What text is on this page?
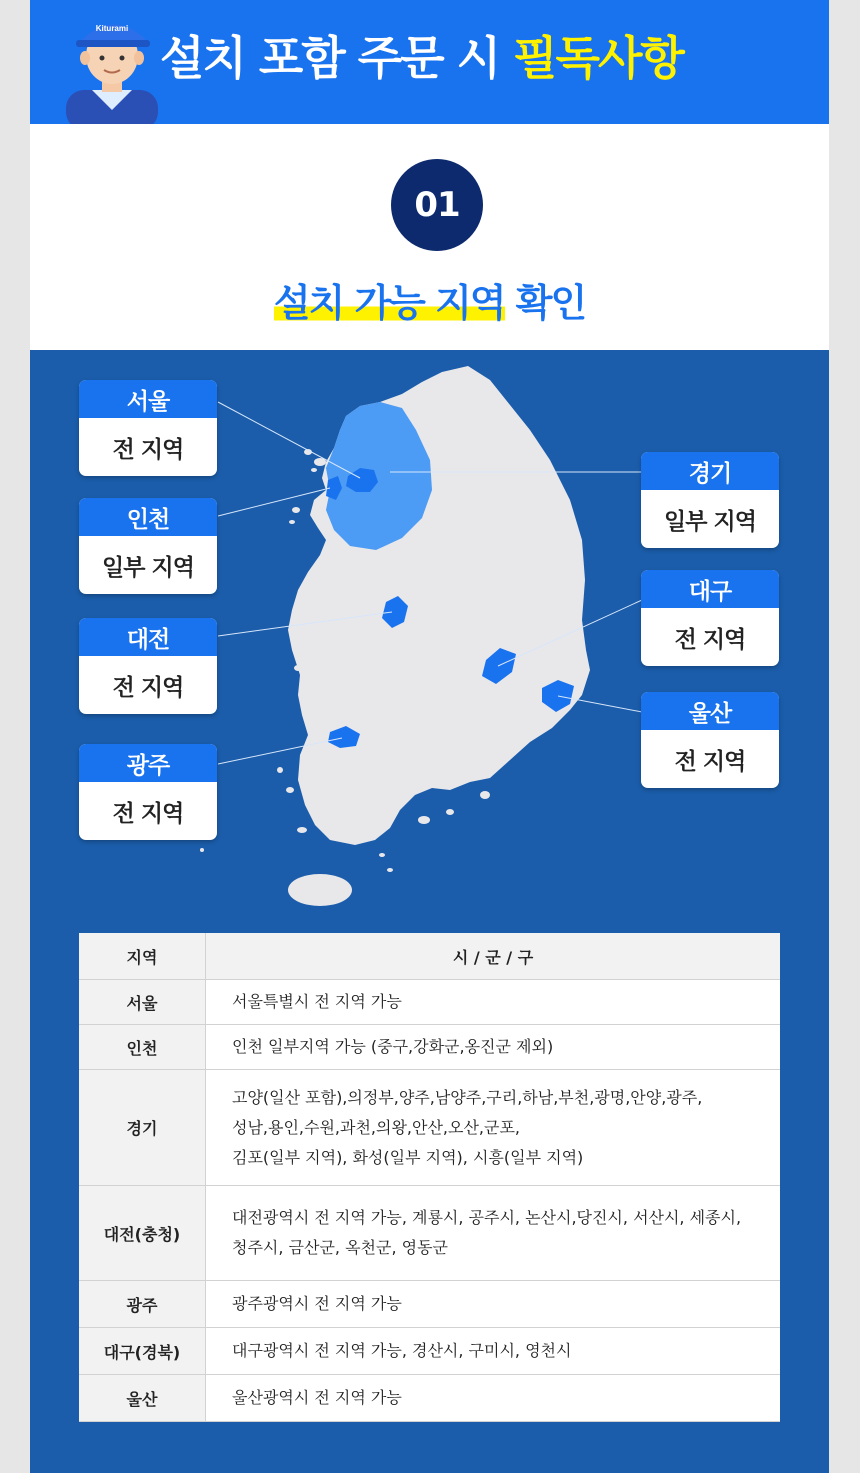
Kiturami
설치 포함 주문 시 필독사항
01
설치 가능 지역 확인
서울
전 지역
인천
일부 지역
대전
전 지역
광주
전 지역
경기
일부 지역
대구
전 지역
울산
전 지역
지역	시 / 군 / 구
서울	서울특별시 전 지역 가능

인천	인천 일부지역 가능 (중구,강화군,옹진군 제외)

경기	고양(일산 포함),의정부,양주,남양주,구리,하남,부천,광명,안양,광주,
성남,용인,수원,과천,의왕,안산,오산,군포,
김포(일부 지역), 화성(일부 지역), 시흥(일부 지역)

대전(충청)	대전광역시 전 지역 가능, 계룡시, 공주시, 논산시,당진시, 서산시, 세종시,
청주시, 금산군, 옥천군, 영동군

광주	광주광역시 전 지역 가능

대구(경북)	대구광역시 전 지역 가능, 경산시, 구미시, 영천시

울산	울산광역시 전 지역 가능
